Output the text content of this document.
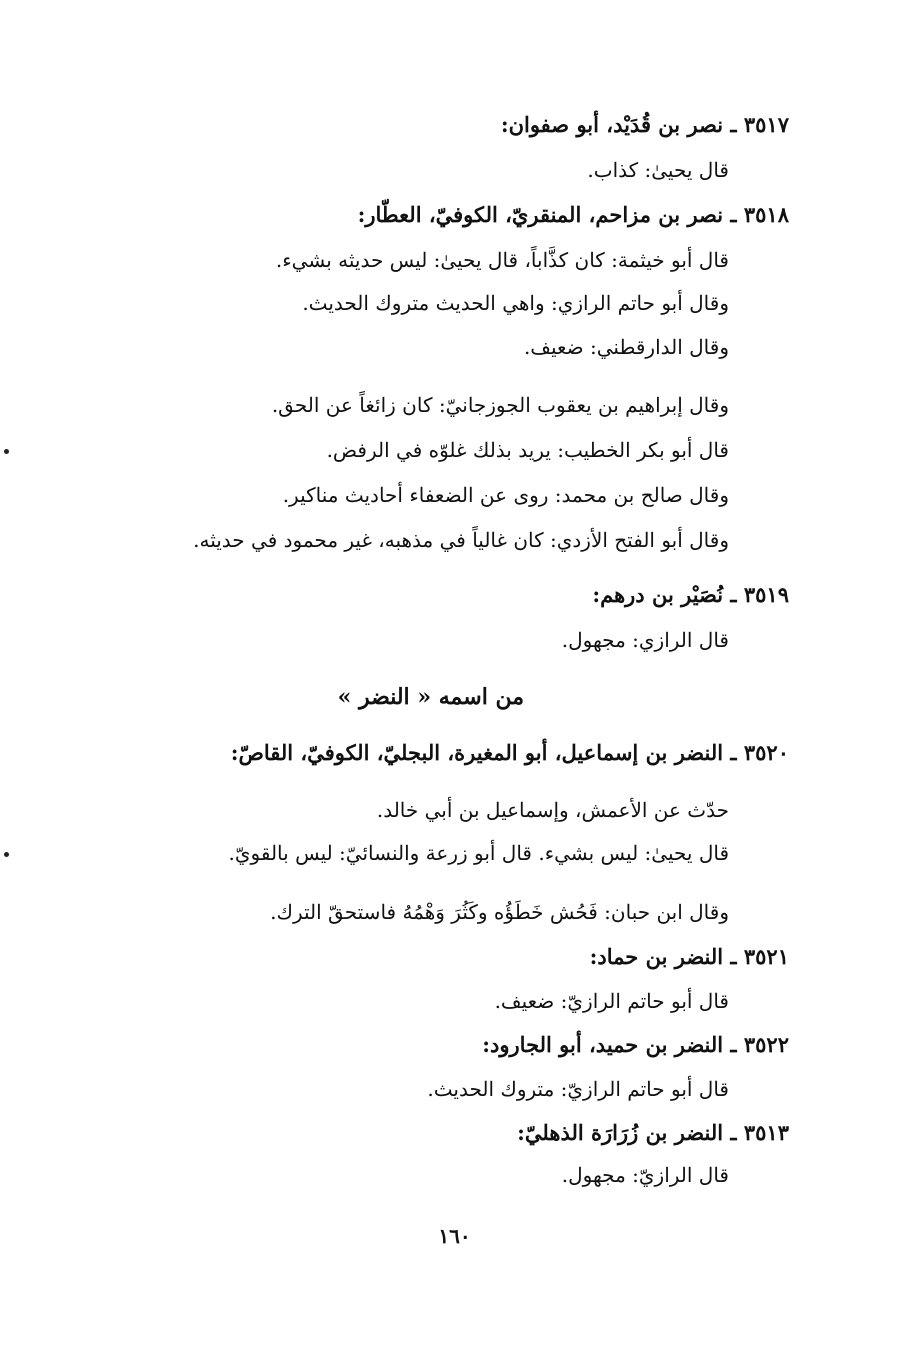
٣٥١٧ ـ نصر بن قُدَيْد، أبو صفوان:
قال يحيىٰ: كذاب.
٣٥١٨ ـ نصر بن مزاحم، المنقريّ، الكوفيّ، العطّار:
قال أبو خيثمة: كان كذَّاباً، قال يحيىٰ: ليس حديثه بشيء.
وقال أبو حاتم الرازي: واهي الحديث متروك الحديث.
وقال الدارقطني: ضعيف.
وقال إبراهيم بن يعقوب الجوزجانيّ: كان زائغاً عن الحق.
قال أبو بكر الخطيب: يريد بذلك غلوّه في الرفض.
وقال صالح بن محمد: روى عن الضعفاء أحاديث مناكير.
وقال أبو الفتح الأزدي: كان غالياً في مذهبه، غير محمود في حديثه.
٣٥١٩ ـ نُصَيْر بن درهم:
قال الرازي: مجهول.
من اسمه « النضر »
٣٥٢٠ ـ النضر بن إسماعيل، أبو المغيرة، البجليّ، الكوفيّ، القاصّ:
حدّث عن الأعمش، وإسماعيل بن أبي خالد.
قال يحيىٰ: ليس بشيء. قال أبو زرعة والنسائيّ: ليس بالقويّ.
وقال ابن حبان: فَحُش خَطَؤُه وكَثُرَ وَهْمُهُ فاستحقّ الترك.
٣٥٢١ ـ النضر بن حماد:
قال أبو حاتم الرازيّ: ضعيف.
٣٥٢٢ ـ النضر بن حميد، أبو الجارود:
قال أبو حاتم الرازيّ: متروك الحديث.
٣٥١٣ ـ النضر بن زُرَارَة الذهليّ:
قال الرازيّ: مجهول.
١٦٠
